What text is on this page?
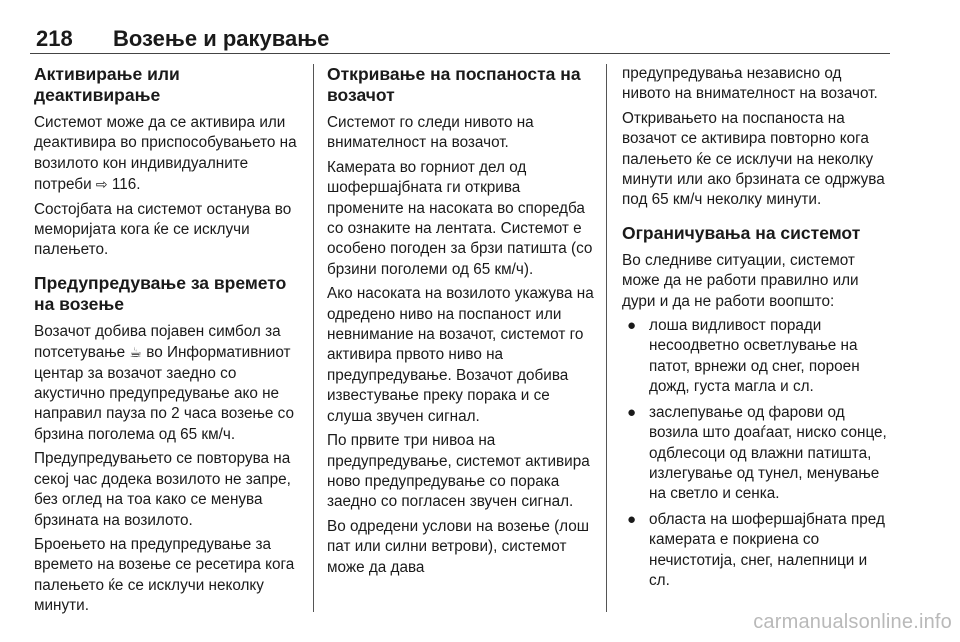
218 Возење и ракување
Активирање или деактивирање

Системот може да се активира или деактивира во приспособувањето на возилото кон индивидуалните потреби ⇨ 116.

Состојбата на системот останува во меморијата кога ќе се исклучи палењето.

Предупредување за времето на возење

Возачот добива појавен симбол за потсетување ☕ во Информативниот центар за возачот заедно со акустично предупредување ако не направил пауза по 2 часа возење со брзина поголема од 65 км/ч.

Предупредувањето се повторува на секој час додека возилото не запре, без оглед на тоа како се менува брзината на возилото.

Броењето на предупредување за времето на возење се ресетира кога палењето ќе се исклучи неколку минути.

Откривање на поспаноста на возачот

Системот го следи нивото на внимателност на возачот.

Камерата во горниот дел од шофершајбната ги открива промените на насоката во споредба со ознаките на лентата. Системот е особено погоден за брзи патишта (со брзини поголеми од 65 км/ч).

Ако насоката на возилото укажува на одредено ниво на поспаност или невнимание на возачот, системот го активира првото ниво на предупредување. Возачот добива известување преку порака и се слуша звучен сигнал.

По првите три нивоа на предупредување, системот активира ново предупредување со порака заедно со погласен звучен сигнал.

Во одредени услови на возење (лош пат или силни ветрови), системот може да дава

предупредувања независно од нивото на внимателност на возачот.

Откривањето на поспаноста на возачот се активира повторно кога палењето ќе се исклучи на неколку минути или ако брзината се одржува под 65 км/ч неколку минути.

Ограничувања на системот

Во следниве ситуации, системот може да не работи правилно или дури и да не работи воопшто:

● лоша видливост поради несоодветно осветлување на патот, врнежи од снег, пороен дожд, густа магла и сл.
● заслепување од фарови од возила што доаѓаат, ниско сонце, одблесоци од влажни патишта, излегување од тунел, менување на светло и сенка.
● областа на шофершајбната пред камерата е покриена со нечистотија, снег, налепници и сл.
carmanualsonline.info
